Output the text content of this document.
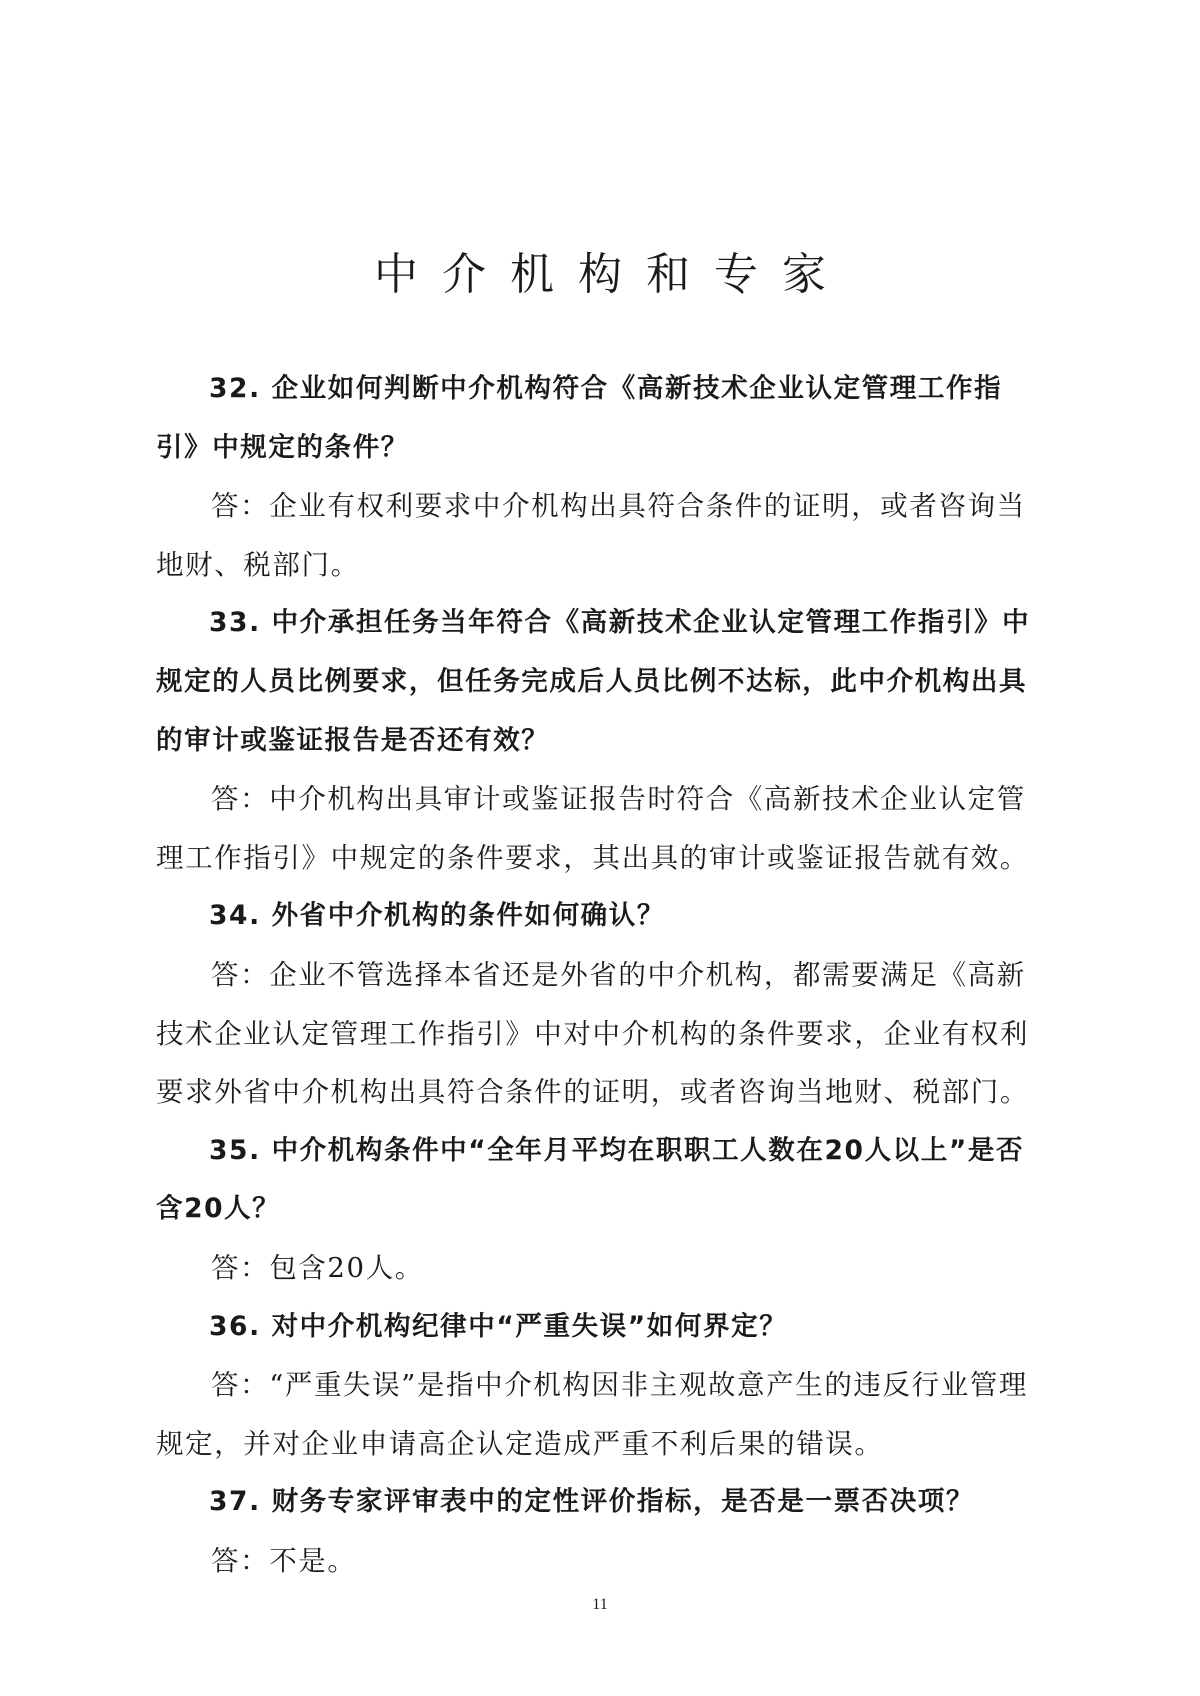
中介机构和专家

32. 企业如何判断中介机构符合《高新技术企业认定管理工作指引》中规定的条件？

答：企业有权利要求中介机构出具符合条件的证明，或者咨询当地财、税部门。

33. 中介承担任务当年符合《高新技术企业认定管理工作指引》中规定的人员比例要求，但任务完成后人员比例不达标，此中介机构出具的审计或鉴证报告是否还有效？

答：中介机构出具审计或鉴证报告时符合《高新技术企业认定管理工作指引》中规定的条件要求，其出具的审计或鉴证报告就有效。

34. 外省中介机构的条件如何确认？

答：企业不管选择本省还是外省的中介机构，都需要满足《高新技术企业认定管理工作指引》中对中介机构的条件要求，企业有权利要求外省中介机构出具符合条件的证明，或者咨询当地财、税部门。

35. 中介机构条件中“全年月平均在职职工人数在20人以上”是否含20人？

答：包含20人。

36. 对中介机构纪律中“严重失误”如何界定？

答：“严重失误”是指中介机构因非主观故意产生的违反行业管理规定，并对企业申请高企认定造成严重不利后果的错误。

37. 财务专家评审表中的定性评价指标，是否是一票否决项？

答：不是。

11
